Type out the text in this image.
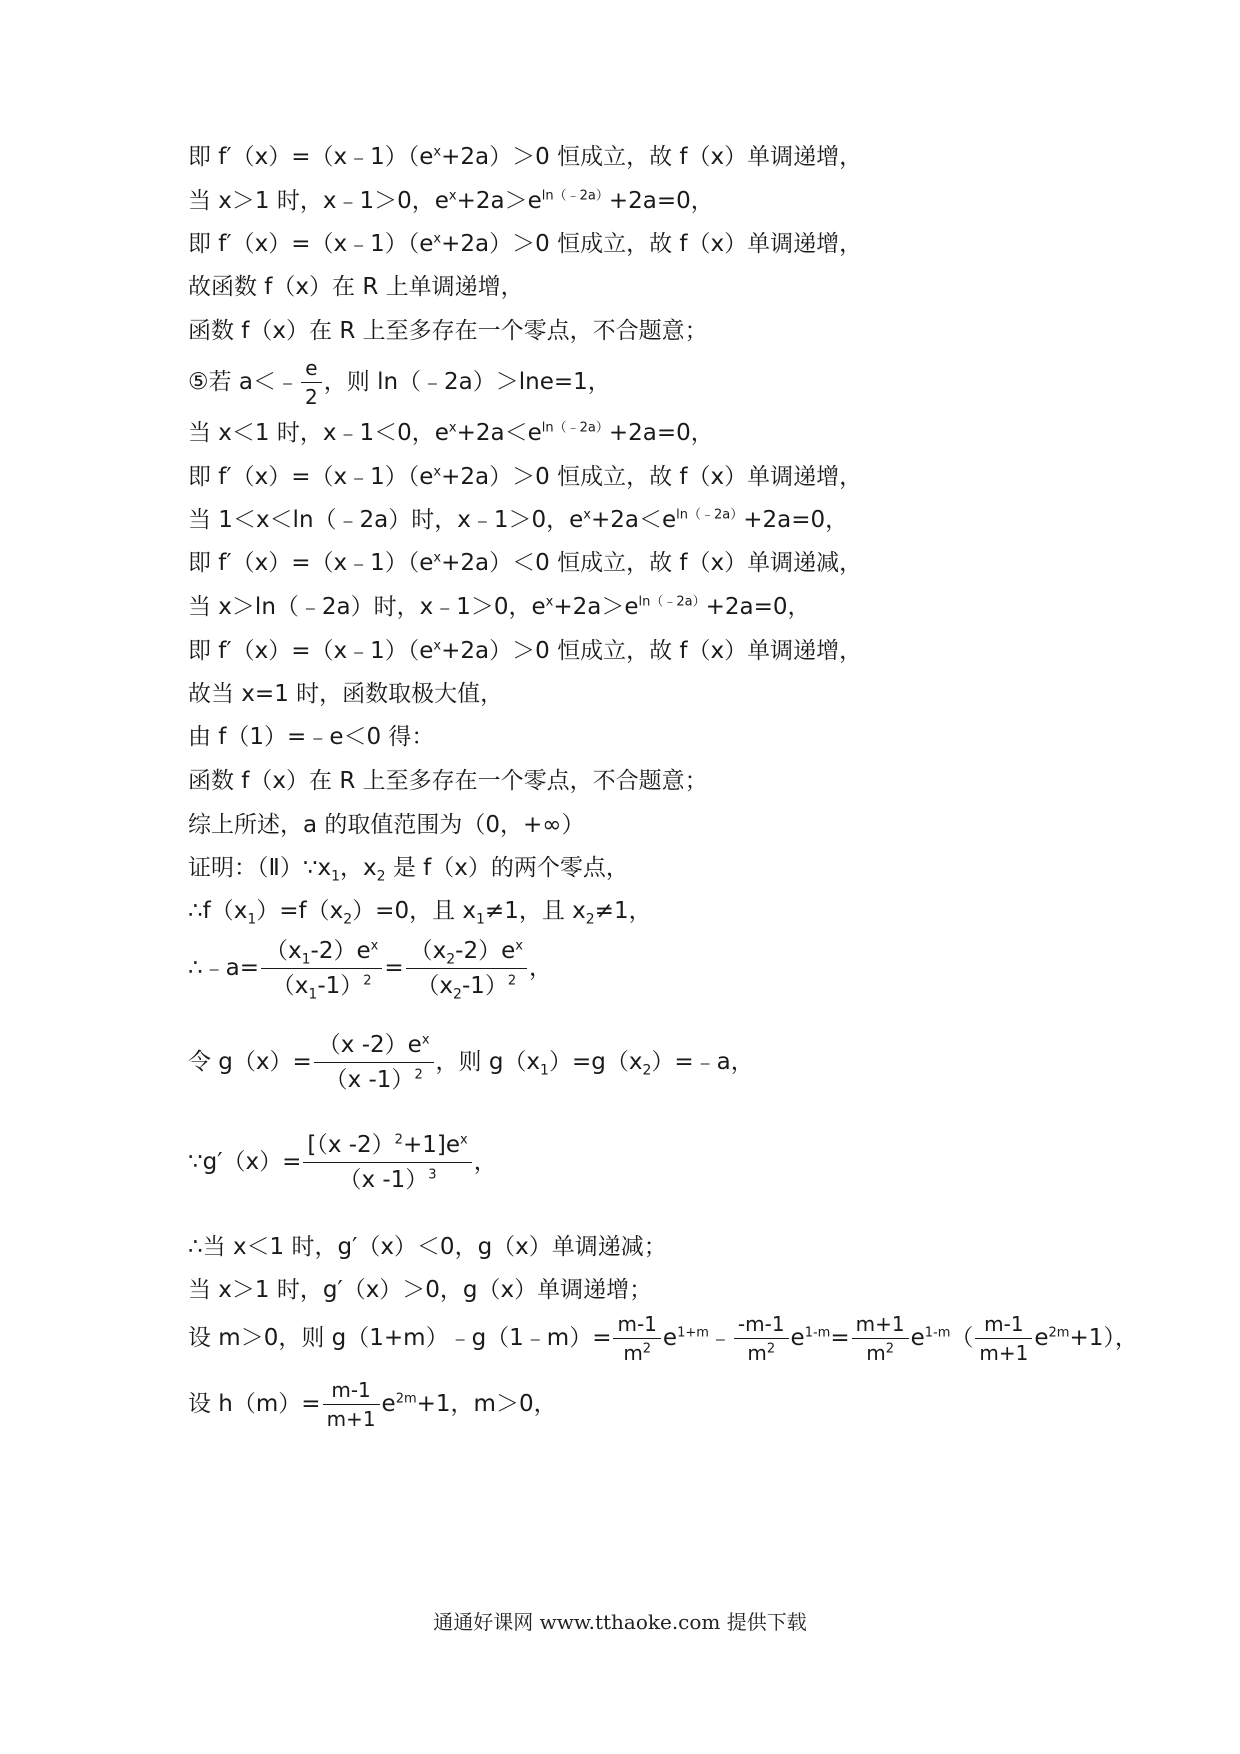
即 $f'(x)=(x﹣1)(e^x+2a)>0$ 恒成立，故 f（x）单调递增，
当 x＞1 时，x﹣1＞0，$e^x+2a>e^{ln(﹣2a)}+2a=0$，
即 $f'(x)=(x﹣1)(e^x+2a)>0$ 恒成立，故 f（x）单调递增，
故函数 f（x）在 R 上单调递增，
函数 f（x）在 R 上至多存在一个零点，不合题意；
⑤若 a＜﹣ $\frac{e}{2}$ ，则 ln（﹣2a）＞lne=1，
当 x＜1 时，x﹣1＜0，$e^x+2a<e^{ln(﹣2a)}+2a=0$，
即 $f'(x)=(x﹣1)(e^x+2a)>0$ 恒成立，故 f（x）单调递增，
当 1＜x＜ln（﹣2a）时，x﹣1＞0，$e^x+2a<e^{ln(﹣2a)}+2a=0$，
即 $f'(x)=(x﹣1)(e^x+2a)<0$ 恒成立，故 f（x）单调递减，
当 x＞ln（﹣2a）时，x﹣1＞0，$e^x+2a>e^{ln(﹣2a)}+2a=0$，
即 $f'(x)=(x﹣1)(e^x+2a)>0$ 恒成立，故 f（x）单调递增，
故当 x=1 时，函数取极大值，
由 f（1）=﹣e＜0 得：
函数 f（x）在 R 上至多存在一个零点，不合题意；
综上所述，a 的取值范围为（0，+∞）
证明：$(Ⅱ)\because x_1$，$x_2$ 是 f（x）的两个零点，
$\therefore f(x_1)=f(x_2)=0$，且 $x_1\ne 1$，且 $x_2\ne 1$，
∴﹣a= $\frac{(x_1-2)e^x}{(x_1-1)^2} = \frac{(x_2-2)e^x}{(x_2-1)^2}$ ，
令 $g(x)= \frac{(x -2)e^x}{(x -1)^2}$ ，则 $g(x_1)=g(x_2)=﹣a$，
∵g′（x）= $\frac{[(x -2)^2+1]e^x}{(x -1)^3}$ ，
∴当 x＜1 时，g′（x）＜0，g（x）单调递减；
当 x＞1 时，g′（x）＞0，g（x）单调递增；
设 m＞0，则 g（1+m）﹣g（1﹣m）= $\frac{m-1}{m^2}$ $e^{1+m}﹣ \frac{-m-1}{m^2} e^{1-m}= \frac{m+1}{m^2} e^{1-m}( \frac{m-1}{m+1} e^{2m}+1)$，
设 $h(m)= \frac{m-1}{m+1} e^{2m}+1$，m＞0，
通通好课网 www.tthaoke.com 提供下载
